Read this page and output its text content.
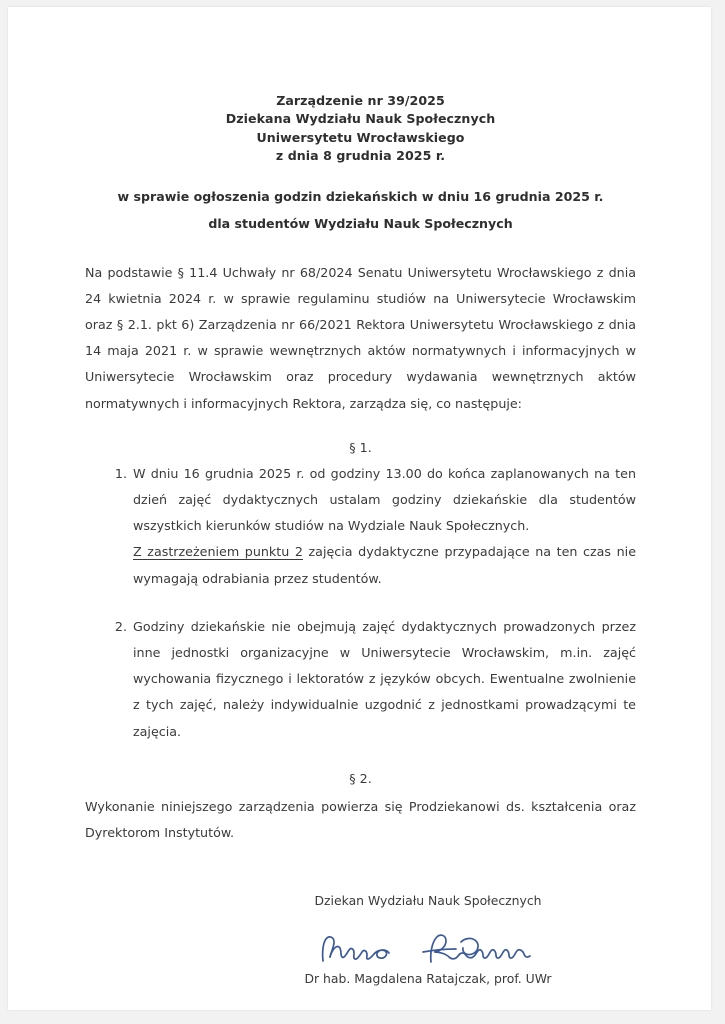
Zarządzenie nr 39/2025
Dziekana Wydziału Nauk Społecznych
Uniwersytetu Wrocławskiego
z dnia 8 grudnia 2025 r.
w sprawie ogłoszenia godzin dziekańskich w dniu 16 grudnia 2025 r.
dla studentów Wydziału Nauk Społecznych

Na podstawie § 11.4 Uchwały nr 68/2024 Senatu Uniwersytetu Wrocławskiego z dnia 24 kwietnia 2024 r. w sprawie regulaminu studiów na Uniwersytecie Wrocławskim oraz § 2.1. pkt 6) Zarządzenia nr 66/2021 Rektora Uniwersytetu Wrocławskiego z dnia 14 maja 2021 r. w sprawie wewnętrznych aktów normatywnych i informacyjnych w Uniwersytecie Wrocławskim oraz procedury wydawania wewnętrznych aktów normatywnych i informacyjnych Rektora, zarządza się, co następuje:

§ 1.
1. W dniu 16 grudnia 2025 r. od godziny 13.00 do końca zaplanowanych na ten dzień zajęć dydaktycznych ustalam godziny dziekańskie dla studentów wszystkich kierunków studiów na Wydziale Nauk Społecznych.

Z zastrzeżeniem punktu 2 zajęcia dydaktyczne przypadające na ten czas nie wymagają odrabiania przez studentów.

2. Godziny dziekańskie nie obejmują zajęć dydaktycznych prowadzonych przez inne jednostki organizacyjne w Uniwersytecie Wrocławskim, m.in. zajęć wychowania fizycznego i lektoratów z języków obcych. Ewentualne zwolnienie z tych zajęć, należy indywidualnie uzgodnić z jednostkami prowadzącymi te zajęcia.

§ 2.

Wykonanie niniejszego zarządzenia powierza się Prodziekanowi ds. kształcenia oraz Dyrektorom Instytutów.

Dziekan Wydziału Nauk Społecznych
Dr hab. Magdalena Ratajczak, prof. UWr
